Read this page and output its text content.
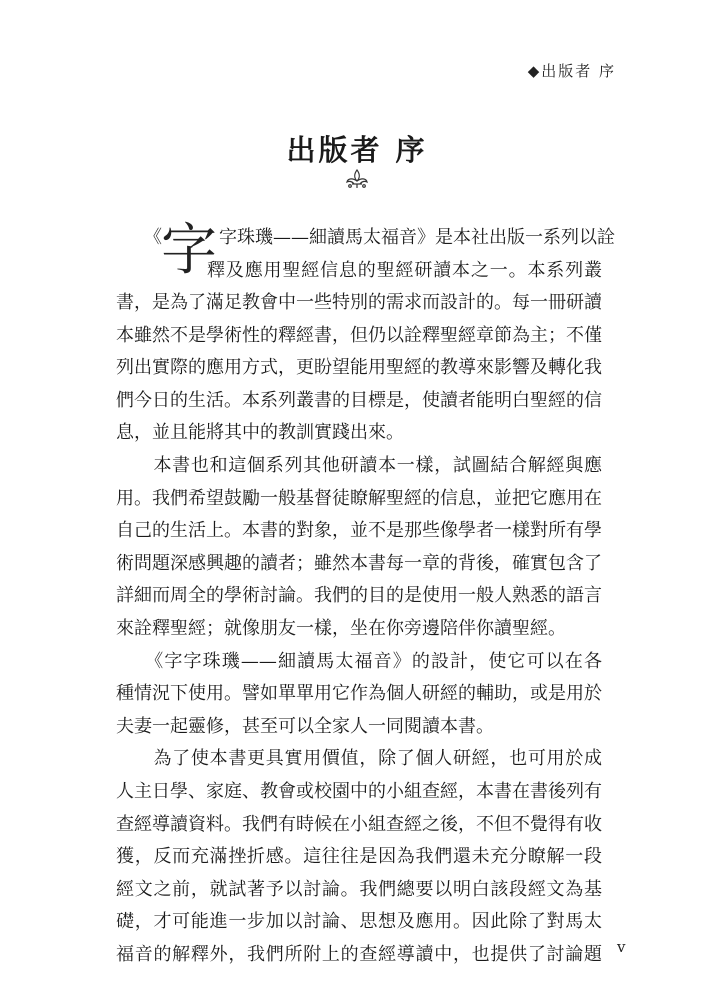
◆出版者 序
出版者 序
字
《	字珠璣——細讀馬太福音》是本社出版一系列以詮
釋及應用聖經信息的聖經研讀本之一。本系列叢
書，是為了滿足教會中一些特別的需求而設計的。每一冊研讀
本雖然不是學術性的釋經書，但仍以詮釋聖經章節為主；不僅
列出實際的應用方式，更盼望能用聖經的教導來影響及轉化我
們今日的生活。本系列叢書的目標是，使讀者能明白聖經的信
息，並且能將其中的教訓實踐出來。
　　本書也和這個系列其他研讀本一樣，試圖結合解經與應
用。我們希望鼓勵一般基督徒瞭解聖經的信息，並把它應用在
自己的生活上。本書的對象，並不是那些像學者一樣對所有學
術問題深感興趣的讀者；雖然本書每一章的背後，確實包含了
詳細而周全的學術討論。我們的目的是使用一般人熟悉的語言
來詮釋聖經；就像朋友一樣，坐在你旁邊陪伴你讀聖經。
　　《字字珠璣——細讀馬太福音》的設計，使它可以在各
種情況下使用。譬如單單用它作為個人研經的輔助，或是用於
夫妻一起靈修，甚至可以全家人一同閱讀本書。
　　為了使本書更具實用價值，除了個人研經，也可用於成
人主日學、家庭、教會或校園中的小組查經，本書在書後列有
查經導讀資料。我們有時候在小組查經之後，不但不覺得有收
獲，反而充滿挫折感。這往往是因為我們還未充分瞭解一段
經文之前，就試著予以討論。我們總要以明白該段經文為基
礎，才可能進一步加以討論、思想及應用。因此除了對馬太
福音的解釋外，我們所附上的查經導讀中，也提供了討論題 v
